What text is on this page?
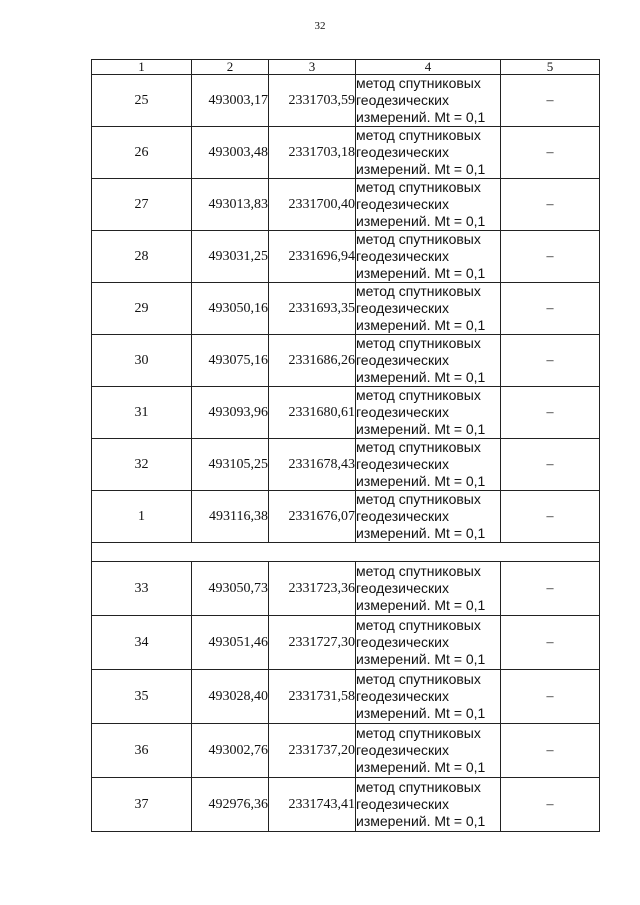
32
1	2	3	4	5
25	493003,17	2331703,59	метод спутниковых
геодезических
измерений. Mt = 0,1	–
26	493003,48	2331703,18	метод спутниковых
геодезических
измерений. Mt = 0,1	–
27	493013,83	2331700,40	метод спутниковых
геодезических
измерений. Mt = 0,1	–
28	493031,25	2331696,94	метод спутниковых
геодезических
измерений. Mt = 0,1	–
29	493050,16	2331693,35	метод спутниковых
геодезических
измерений. Mt = 0,1	–
30	493075,16	2331686,26	метод спутниковых
геодезических
измерений. Mt = 0,1	–
31	493093,96	2331680,61	метод спутниковых
геодезических
измерений. Mt = 0,1	–
32	493105,25	2331678,43	метод спутниковых
геодезических
измерений. Mt = 0,1	–
1	493116,38	2331676,07	метод спутниковых
геодезических
измерений. Mt = 0,1	–

33	493050,73	2331723,36	метод спутниковых
геодезических
измерений. Mt = 0,1	–
34	493051,46	2331727,30	метод спутниковых
геодезических
измерений. Mt = 0,1	–
35	493028,40	2331731,58	метод спутниковых
геодезических
измерений. Mt = 0,1	–
36	493002,76	2331737,20	метод спутниковых
геодезических
измерений. Mt = 0,1	–
37	492976,36	2331743,41	метод спутниковых
геодезических
измерений. Mt = 0,1	–
